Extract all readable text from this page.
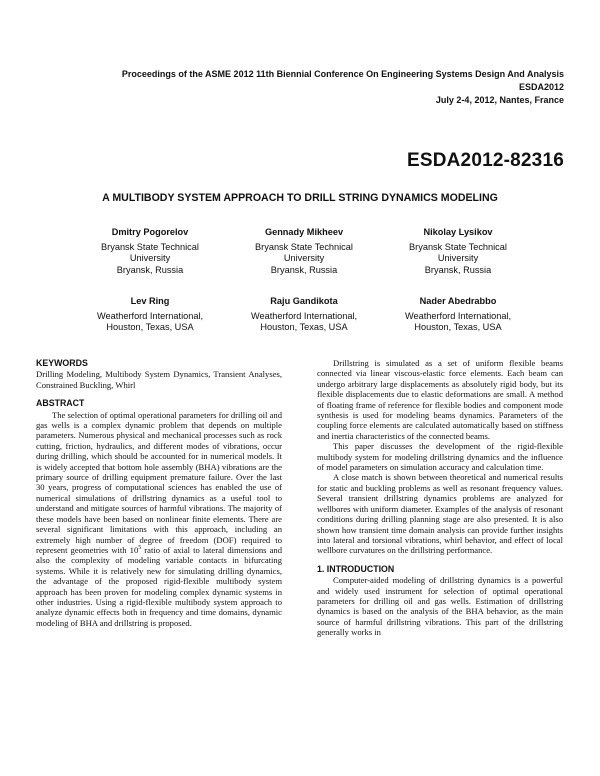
Proceedings of the ASME 2012 11th Biennial Conference On Engineering Systems Design And Analysis
ESDA2012
July 2-4, 2012, Nantes, France
ESDA2012-82316
A MULTIBODY SYSTEM APPROACH TO DRILL STRING DYNAMICS MODELING
Dmitry Pogorelov
Bryansk State Technical
University
Bryansk, Russia
Gennady Mikheev
Bryansk State Technical
University
Bryansk, Russia
Nikolay Lysikov
Bryansk State Technical
University
Bryansk, Russia
Lev Ring
Weatherford International,
Houston, Texas, USA
Raju Gandikota
Weatherford International,
Houston, Texas, USA
Nader Abedrabbo
Weatherford International,
Houston, Texas, USA
KEYWORDS

Drilling Modeling, Multibody System Dynamics, Transient Analyses, Constrained Buckling, Whirl

ABSTRACT

The selection of optimal operational parameters for drilling oil and gas wells is a complex dynamic problem that depends on multiple parameters. Numerous physical and mechanical processes such as rock cutting, friction, hydraulics, and different modes of vibrations, occur during drilling, which should be accounted for in numerical models. It is widely accepted that bottom hole assembly (BHA) vibrations are the primary source of drilling equipment premature failure. Over the last 30 years, progress of computational sciences has enabled the use of numerical simulations of drillstring dynamics as a useful tool to understand and mitigate sources of harmful vibrations. The majority of these models have been based on nonlinear finite elements. There are several significant limitations with this approach, including an extremely high number of degree of freedom (DOF) required to represent geometries with $10^5$ ratio of axial to lateral dimensions and also the complexity of modeling variable contacts in bifurcating systems. While it is relatively new for simulating drilling dynamics, the advantage of the proposed rigid-flexible multibody system approach has been proven for modeling complex dynamic systems in other industries. Using a rigid-flexible multibody system approach to analyze dynamic effects both in frequency and time domains, dynamic modeling of BHA and drillstring is proposed.

Drillstring is simulated as a set of uniform flexible beams connected via linear viscous-elastic force elements. Each beam can undergo arbitrary large displacements as absolutely rigid body, but its flexible displacements due to elastic deformations are small. A method of floating frame of reference for flexible bodies and component mode synthesis is used for modeling beams dynamics. Parameters of the coupling force elements are calculated automatically based on stiffness and inertia characteristics of the connected beams.

This paper discusses the development of the rigid-flexible multibody system for modeling drillstring dynamics and the influence of model parameters on simulation accuracy and calculation time.

A close match is shown between theoretical and numerical results for static and buckling problems as well as resonant frequency values. Several transient drillstring dynamics problems are analyzed for wellbores with uniform diameter. Examples of the analysis of resonant conditions during drilling planning stage are also presented. It is also shown how transient time domain analysis can provide further insights into lateral and torsional vibrations, whirl behavior, and effect of local wellbore curvatures on the drillstring performance.

1. INTRODUCTION

Computer-aided modeling of drillstring dynamics is a powerful and widely used instrument for selection of optimal operational parameters for drilling oil and gas wells. Estimation of drillstring dynamics is based on the analysis of the BHA behavior, as the main source of harmful drillstring vibrations. This part of the drillstring generally works in
